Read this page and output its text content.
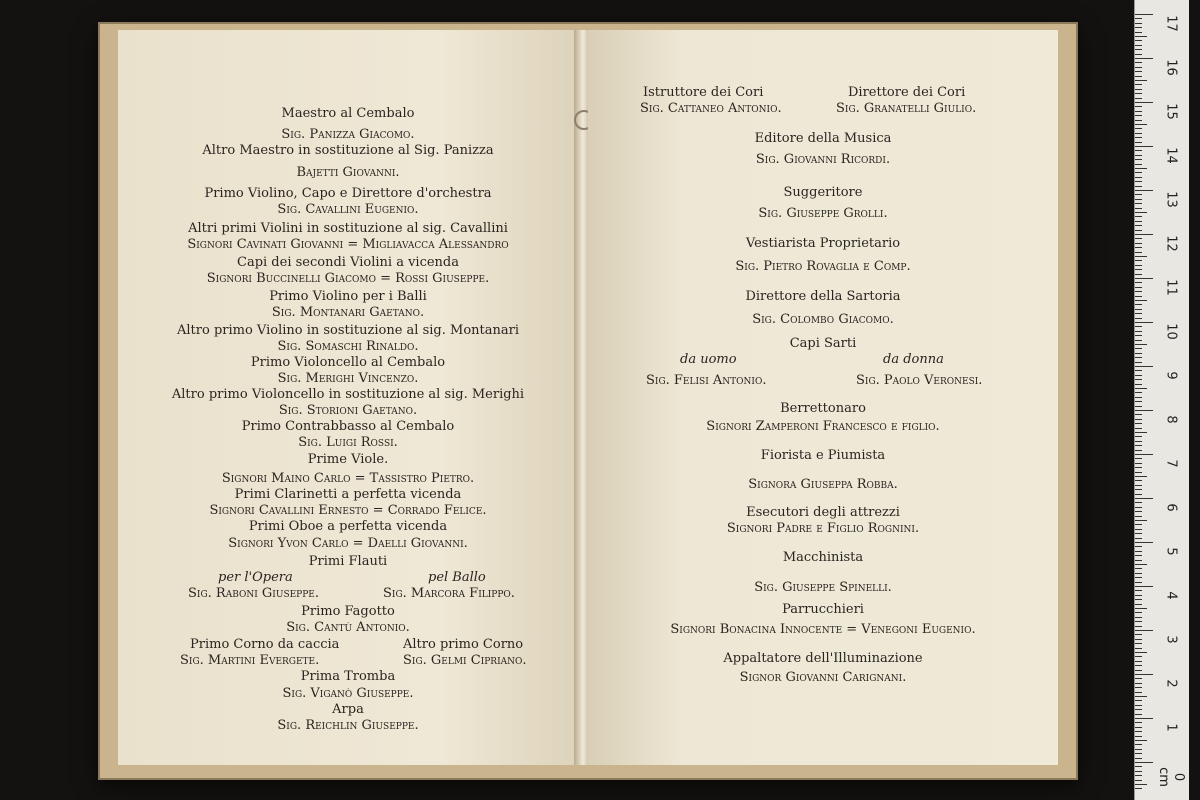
Maestro al Cembalo
Sig. Panizza Giacomo.
Altro Maestro in sostituzione al Sig. Panizza
Bajetti Giovanni.
Primo Violino, Capo e Direttore d'orchestra
Sig. Cavallini Eugenio.
Altri primi Violini in sostituzione al sig. Cavallini
Signori Cavinati Giovanni = Migliavacca Alessandro
Capi dei secondi Violini a vicenda
Signori Buccinelli Giacomo = Rossi Giuseppe.
Primo Violino per i Balli
Sig. Montanari Gaetano.
Altro primo Violino in sostituzione al sig. Montanari
Sig. Somaschi Rinaldo.
Primo Violoncello al Cembalo
Sig. Merighi Vincenzo.
Altro primo Violoncello in sostituzione al sig. Merighi
Sig. Storioni Gaetano.
Primo Contrabbasso al Cembalo
Sig. Luigi Rossi.
Prime Viole.
Signori Maino Carlo = Tassistro Pietro.
Primi Clarinetti a perfetta vicenda
Signori Cavallini Ernesto = Corrado Felice.
Primi Oboe a perfetta vicenda
Signori Yvon Carlo = Daelli Giovanni.
Primi Flauti
per l'Opera	pel Ballo
Sig. Raboni Giuseppe.	Sig. Marcora Filippo.
Primo Fagotto
Sig. Cantù Antonio.
Primo Corno da caccia	Altro primo Corno
Sig. Martini Evergete.	Sig. Gelmi Cipriano.
Prima Tromba
Sig. Viganò Giuseppe.
Arpa
Sig. Reichlin Giuseppe.
Istruttore dei Cori	Direttore dei Cori
Sig. Cattaneo Antonio.	Sig. Granatelli Giulio.
Editore della Musica
Sig. Giovanni Ricordi.
Suggeritore
Sig. Giuseppe Grolli.
Vestiarista Proprietario
Sig. Pietro Rovaglia e Comp.
Direttore della Sartoria
Sig. Colombo Giacomo.
Capi Sarti
da uomo	da donna
Sig. Felisi Antonio.	Sig. Paolo Veronesi.
Berrettonaro
Signori Zamperoni Francesco e figlio.
Fiorista e Piumista
Signora Giuseppa Robba.
Esecutori degli attrezzi
Signori Padre e Figlio Rognini.
Macchinista
Sig. Giuseppe Spinelli.
Parrucchieri
Signori Bonacina Innocente = Venegoni Eugenio.
Appaltatore dell'Illuminazione
Signor Giovanni Carignani.
17
16
15
14
13
12
11
10
9
8
7
6
5
4
3
2
1
0 cm
